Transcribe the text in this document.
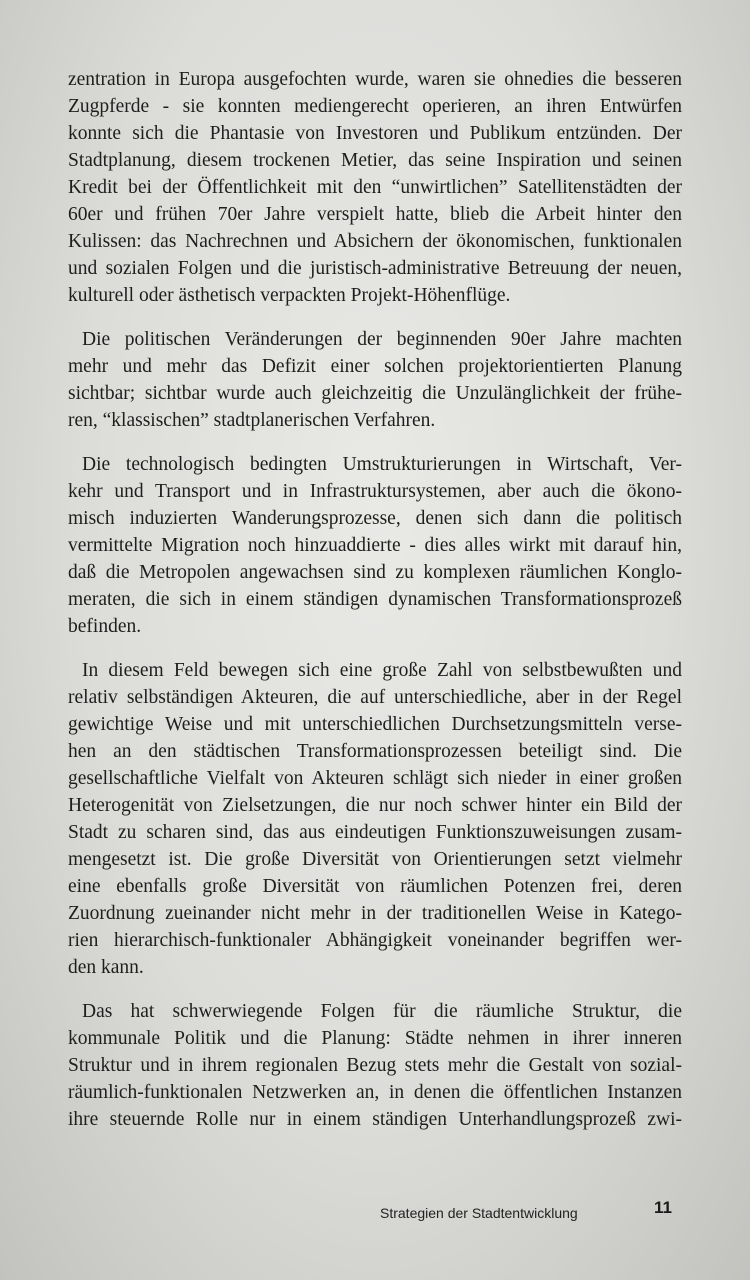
zentration in Europa ausgefochten wurde, waren sie ohnedies die besseren
Zugpferde - sie konnten mediengerecht operieren, an ihren Entwürfen
konnte sich die Phantasie von Investoren und Publikum entzünden. Der
Stadtplanung, diesem trockenen Metier, das seine Inspiration und seinen
Kredit bei der Öffentlichkeit mit den “unwirtlichen” Satellitenstädten der
60er und frühen 70er Jahre verspielt hatte, blieb die Arbeit hinter den
Kulissen: das Nachrechnen und Absichern der ökonomischen, funktionalen
und sozialen Folgen und die juristisch-administrative Betreuung der neuen,
kulturell oder ästhetisch verpackten Projekt-Höhenflüge.

Die politischen Veränderungen der beginnenden 90er Jahre machten
mehr und mehr das Defizit einer solchen projektorientierten Planung
sichtbar; sichtbar wurde auch gleichzeitig die Unzulänglichkeit der frühe-
ren, “klassischen” stadtplanerischen Verfahren.

Die technologisch bedingten Umstrukturierungen in Wirtschaft, Ver-
kehr und Transport und in Infrastruktursystemen, aber auch die ökono-
misch induzierten Wanderungsprozesse, denen sich dann die politisch
vermittelte Migration noch hinzuaddierte - dies alles wirkt mit darauf hin,
daß die Metropolen angewachsen sind zu komplexen räumlichen Konglo-
meraten, die sich in einem ständigen dynamischen Transformationsprozeß
befinden.

In diesem Feld bewegen sich eine große Zahl von selbstbewußten und
relativ selbständigen Akteuren, die auf unterschiedliche, aber in der Regel
gewichtige Weise und mit unterschiedlichen Durchsetzungsmitteln verse-
hen an den städtischen Transformationsprozessen beteiligt sind. Die
gesellschaftliche Vielfalt von Akteuren schlägt sich nieder in einer großen
Heterogenität von Zielsetzungen, die nur noch schwer hinter ein Bild der
Stadt zu scharen sind, das aus eindeutigen Funktionszuweisungen zusam-
mengesetzt ist. Die große Diversität von Orientierungen setzt vielmehr
eine ebenfalls große Diversität von räumlichen Potenzen frei, deren
Zuordnung zueinander nicht mehr in der traditionellen Weise in Katego-
rien hierarchisch-funktionaler Abhängigkeit voneinander begriffen wer-
den kann.

Das hat schwerwiegende Folgen für die räumliche Struktur, die
kommunale Politik und die Planung: Städte nehmen in ihrer inneren
Struktur und in ihrem regionalen Bezug stets mehr die Gestalt von sozial-
räumlich-funktionalen Netzwerken an, in denen die öffentlichen Instanzen
ihre steuernde Rolle nur in einem ständigen Unterhandlungsprozeß zwi-

Strategien der Stadtentwicklung	11
